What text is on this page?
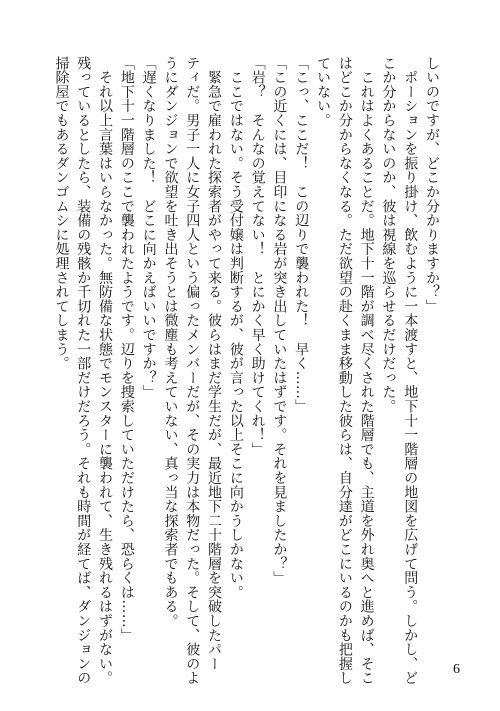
しいのですが、どこか分かりますか？」

　ポーションを振り掛け、飲むように一本渡すと、地下十一階層の地図を広げて問う。しかし、ど

こか分からないのか、彼は視線を巡らせるだけだった。

　これはよくあることだ。地下十一階が調べ尽くされた階層でも、主道を外れ奥へと進めば、そこ

はどこか分からなくなる。ただ欲望の赴くまま移動した彼らは、自分達がどこにいるのかも把握し

ていない。

「こっ、ここだ！　この辺りで襲われた！　早く……」

「この近くには、目印になる岩が突き出していたはずです。それを見ましたか？」

「岩？　そんなの覚えてない！　とにかく早く助けてくれ！」

　ここではない。そう受付嬢は判断するが、彼が言った以上そこに向かうしかない。

　緊急で雇われた探索者がやって来る。彼らはまだ学生だが、最近地下二十階層を突破したパー

ティだ。男子一人に女子四人という偏ったメンバーだが、その実力は本物だった。そして、彼のよ

うにダンジョンで欲望を吐き出そうとは微塵も考えていない、真っ当な探索者でもある。

「遅くなりました！　どこに向かえばいいですか？」

「地下十一階層のここで襲われたようです。辺りを捜索していただけたら、恐らくは……」

　それ以上言葉はいらなかった。無防備な状態でモンスターに襲われて、生き残れるはずがない。

残っているとしたら、装備の残骸か千切れた一部だけだろう。それも時間が経てば、ダンジョンの

掃除屋でもあるダンゴムシに処理されてしまう。

6
